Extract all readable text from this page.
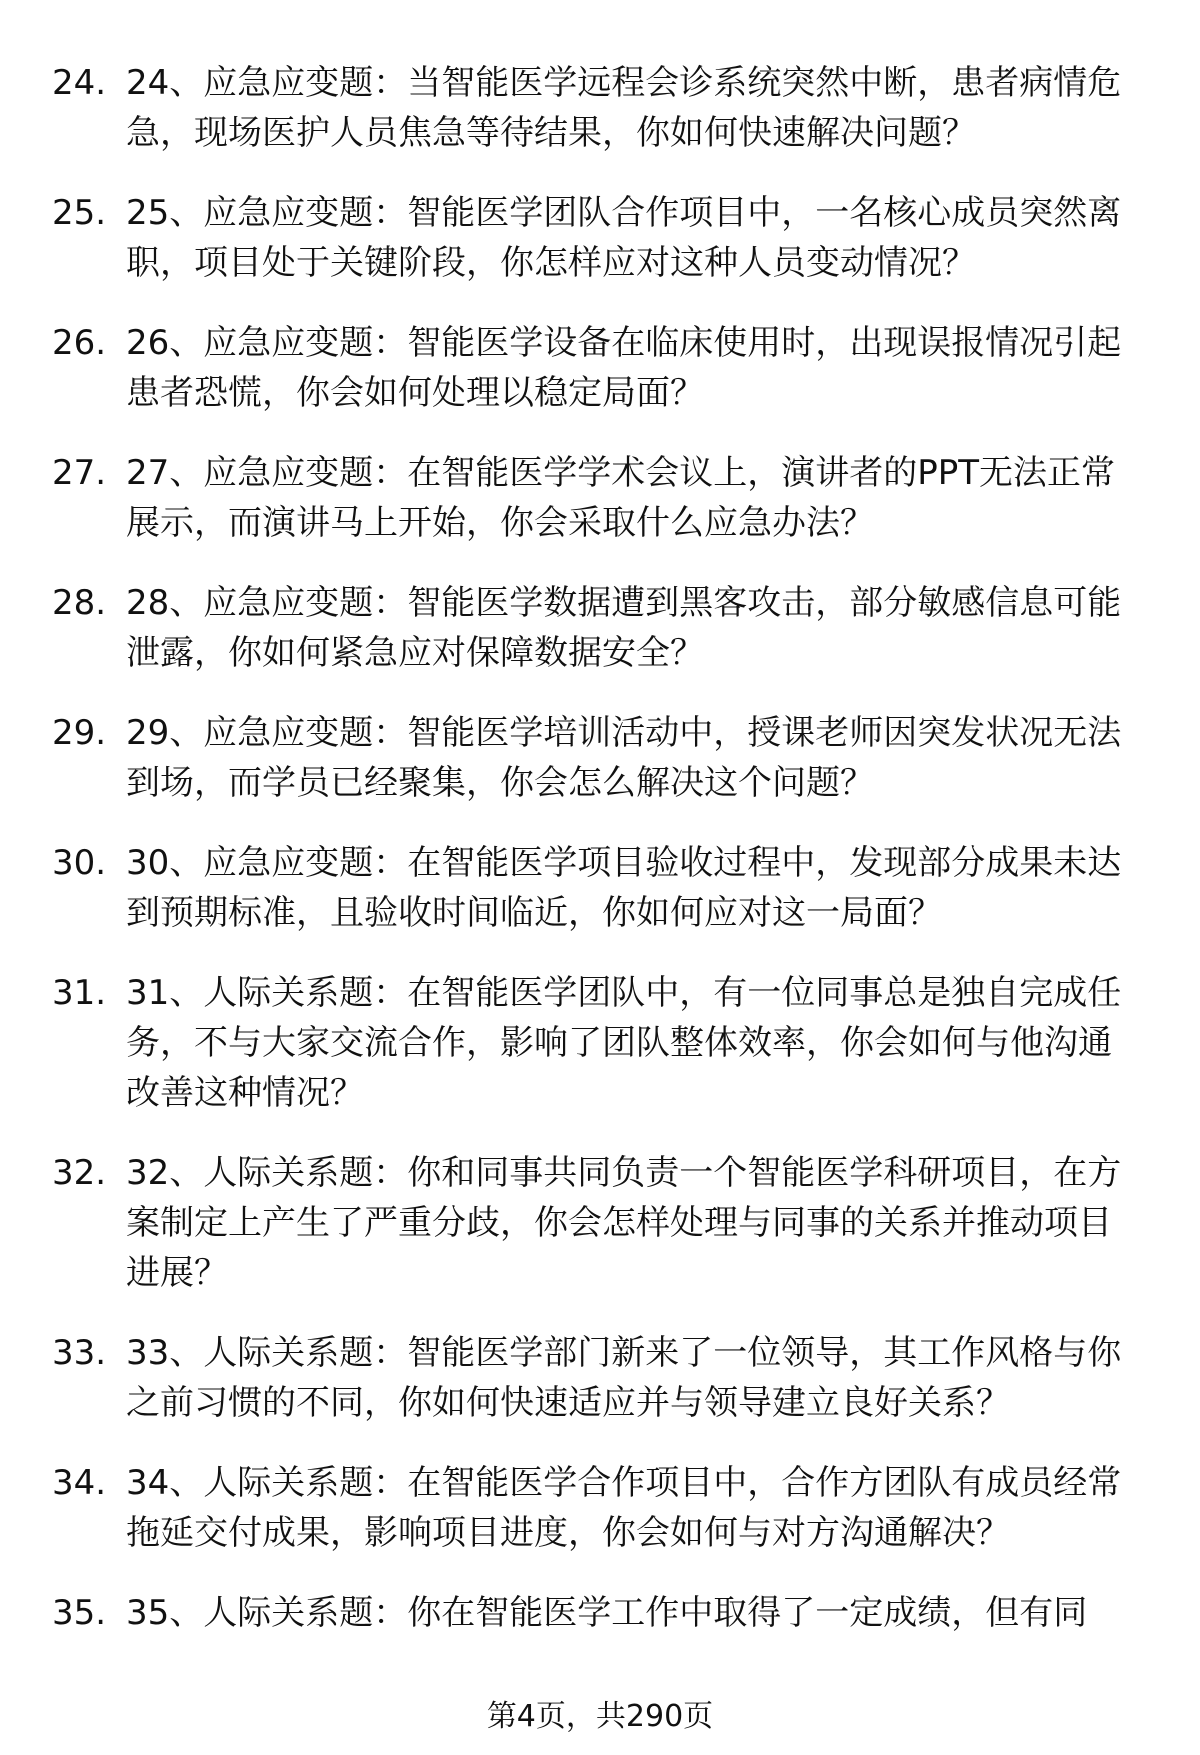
24. 24、应急应变题：当智能医学远程会诊系统突然中断，患者病情危急，现场医护人员焦急等待结果，你如何快速解决问题？
25. 25、应急应变题：智能医学团队合作项目中，一名核心成员突然离职，项目处于关键阶段，你怎样应对这种人员变动情况？
26. 26、应急应变题：智能医学设备在临床使用时，出现误报情况引起患者恐慌，你会如何处理以稳定局面？
27. 27、应急应变题：在智能医学学术会议上，演讲者的PPT无法正常展示，而演讲马上开始，你会采取什么应急办法？
28. 28、应急应变题：智能医学数据遭到黑客攻击，部分敏感信息可能泄露，你如何紧急应对保障数据安全？
29. 29、应急应变题：智能医学培训活动中，授课老师因突发状况无法到场，而学员已经聚集，你会怎么解决这个问题？
30. 30、应急应变题：在智能医学项目验收过程中，发现部分成果未达到预期标准，且验收时间临近，你如何应对这一局面？
31. 31、人际关系题：在智能医学团队中，有一位同事总是独自完成任务，不与大家交流合作，影响了团队整体效率，你会如何与他沟通改善这种情况？
32. 32、人际关系题：你和同事共同负责一个智能医学科研项目，在方案制定上产生了严重分歧，你会怎样处理与同事的关系并推动项目进展？
33. 33、人际关系题：智能医学部门新来了一位领导，其工作风格与你之前习惯的不同，你如何快速适应并与领导建立良好关系？
34. 34、人际关系题：在智能医学合作项目中，合作方团队有成员经常拖延交付成果，影响项目进度，你会如何与对方沟通解决？
35. 35、人际关系题：你在智能医学工作中取得了一定成绩，但有同
第4页，共290页
